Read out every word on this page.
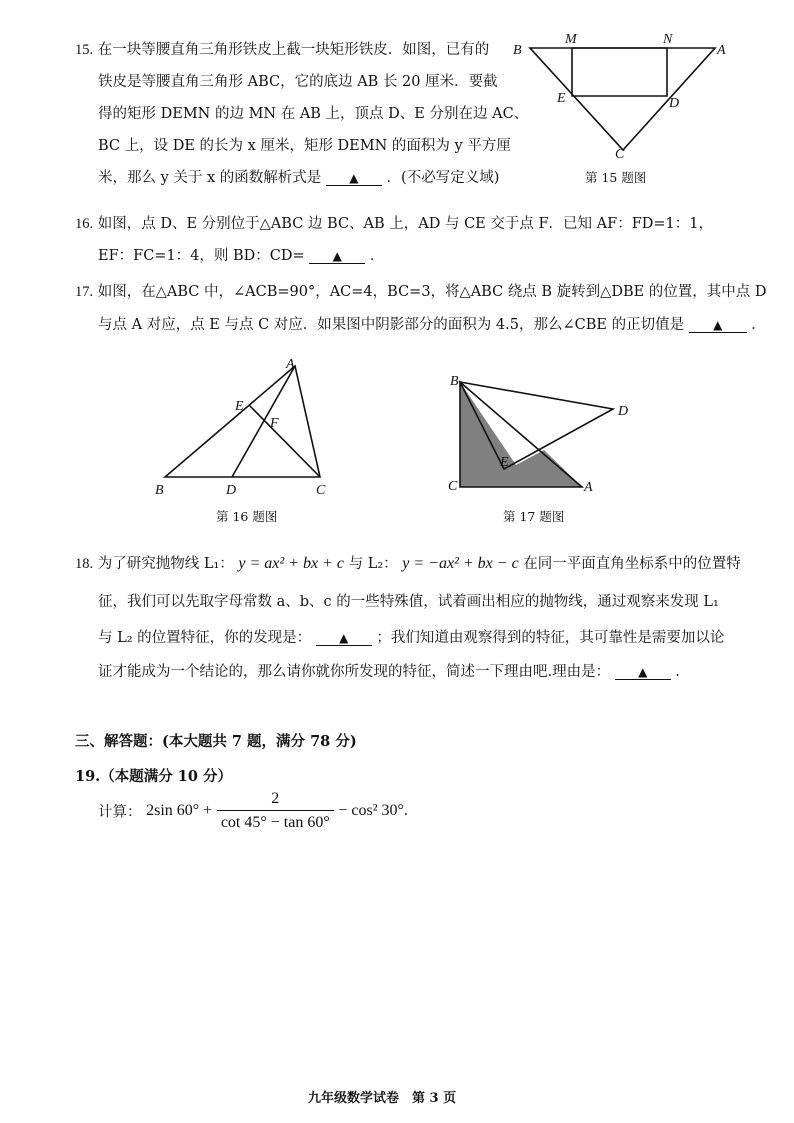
15. 在一块等腰直角三角形铁皮上截一块矩形铁皮．如图，已有的
铁皮是等腰直角三角形 ABC，它的底边 AB 长 20 厘米．要截
得的矩形 DEMN 的边 MN 在 AB 上，顶点 D、E 分别在边 AC、
BC 上，设 DE 的长为 x 厘米，矩形 DEMN 的面积为 y 平方厘
米，那么 y 关于 x 的函数解析式是 ▲ ．(不必写定义域)
B
M	N
A
E	D
C
第 15 题图
16. 如图，点 D、E 分别位于△ABC 边 BC、AB 上，AD 与 CE 交于点 F．已知 AF：FD=1：1，
EF：FC=1：4，则 BD：CD= ▲ ．
17. 如图，在△ABC 中，∠ACB=90°，AC=4，BC=3，将△ABC 绕点 B 旋转到△DBE 的位置，其中点 D
与点 A 对应，点 E 与点 C 对应．如果图中阴影部分的面积为 4.5，那么∠CBE 的正切值是 ▲ ．
A
E
F
B	D	C
第 16 题图
B
D
E
C	A
第 17 题图
18. 为了研究抛物线 L₁： y = ax² + bx + c 与 L₂： y = −ax² + bx − c 在同一平面直角坐标系中的位置特
征，我们可以先取字母常数 a、b、c 的一些特殊值，试着画出相应的抛物线，通过观察来发现 L₁
与 L₂ 的位置特征，你的发现是： ▲ ；我们知道由观察得到的特征，其可靠性是需要加以论
证才能成为一个结论的，那么请你就你所发现的特征，简述一下理由吧.理由是： ▲ ．
三、解答题：(本大题共 7 题，满分 78 分)
19.（本题满分 10 分）
计算： 2sin $60^\circ + \frac{2}{\cot 45^\circ - \tan 60^\circ} - \cos^2$ 30°.
九年级数学试卷　第 3 页
